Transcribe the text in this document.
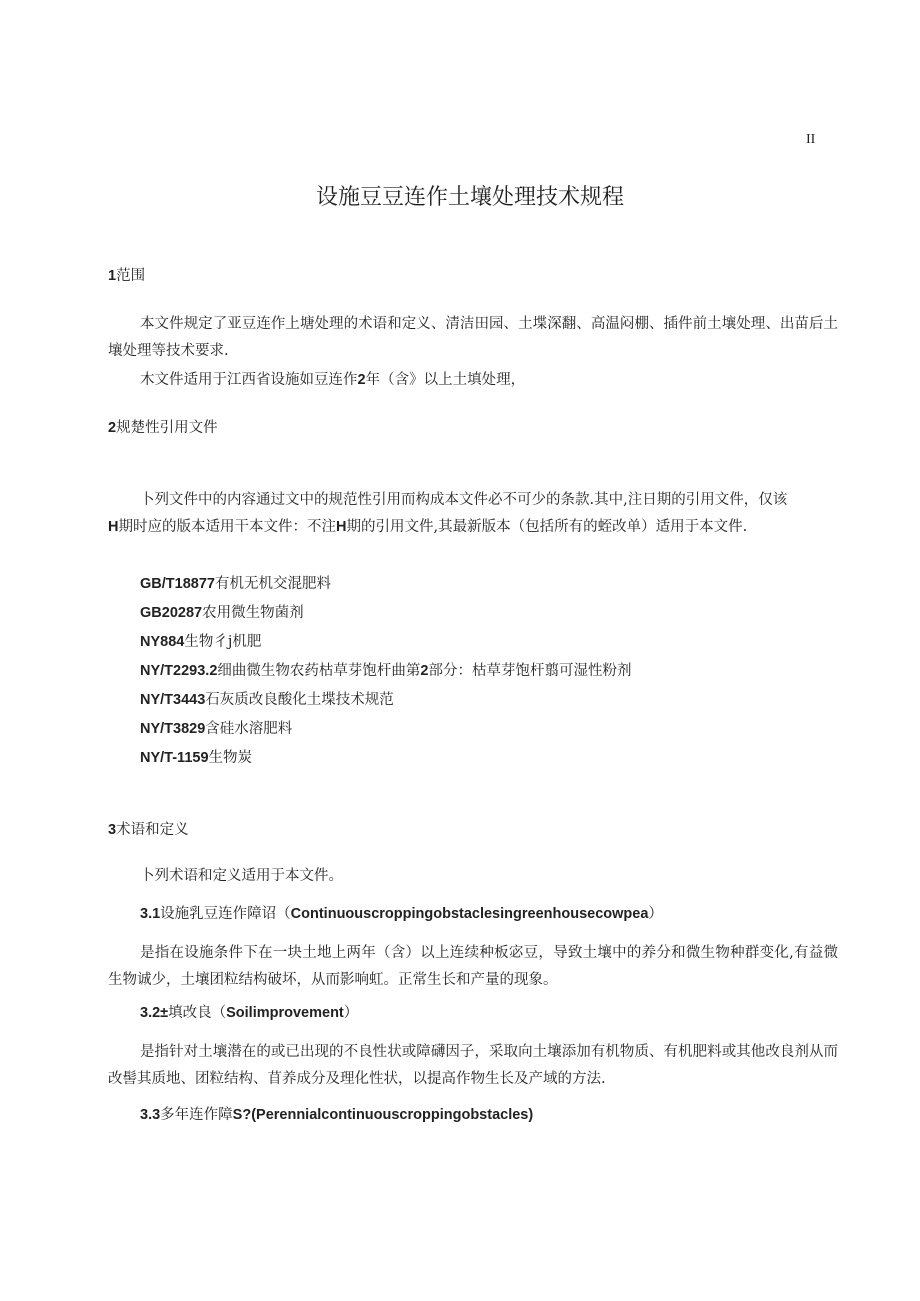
II
设施豆豆连作土壤处理技术规程
1范围
本文件规定了亚豆连作上塘处理的术语和定义、清洁田园、土堞深翻、高温闷棚、插件前土壤处理、出苗后土壤处理等技术要求.
木文件适用于江西省设施如豆连作2年（含》以上土填处理，
2规楚性引用文件
卜列文件中的内容通过文中的规范性引用而构成本文件必不可少的条款.其中,注日期的引用文件，仅该
H期时应的版本适用干本文件：不注H期的引用文件,其最新版本（包括所有的蛭改单）适用于本文件.
GB/T18877有机无机交混肥料
GB20287农用微生物菌剂
NY884生物彳j机肥
NY/T2293.2细曲微生物农药枯草芽饱杆曲第2部分：枯草芽饱杆翦可湿性粉剂
NY/T3443石灰质改良酸化土堞技术规范
NY/T3829含硅水溶肥料
NY/T-1159生物炭
3术语和定义
卜列术语和定义适用于本文件。
3.1设施乳豆连作障诏（Continuouscroppingobstaclesingreenhousecowpea）
是指在设施条件下在一块土地上两年（含）以上连续种板宓豆，导致土壤中的养分和微生物种群变化,有益微生物诚少，土壤团粒结构破坏，从而影响虹。正常生长和产量的现象。
3.2±填改良（Soilimprovement）
是指针对土壤潜在的或已出现的不良性状或障礴因子，采取向土壤添加有机物质、有机肥料或其他改良剂从而改髻其质地、团粒结构、苜养成分及理化性状，以提高作物生长及产域的方法.
3.3多年连作障S?(Perennialcontinuouscroppingobstacles)
